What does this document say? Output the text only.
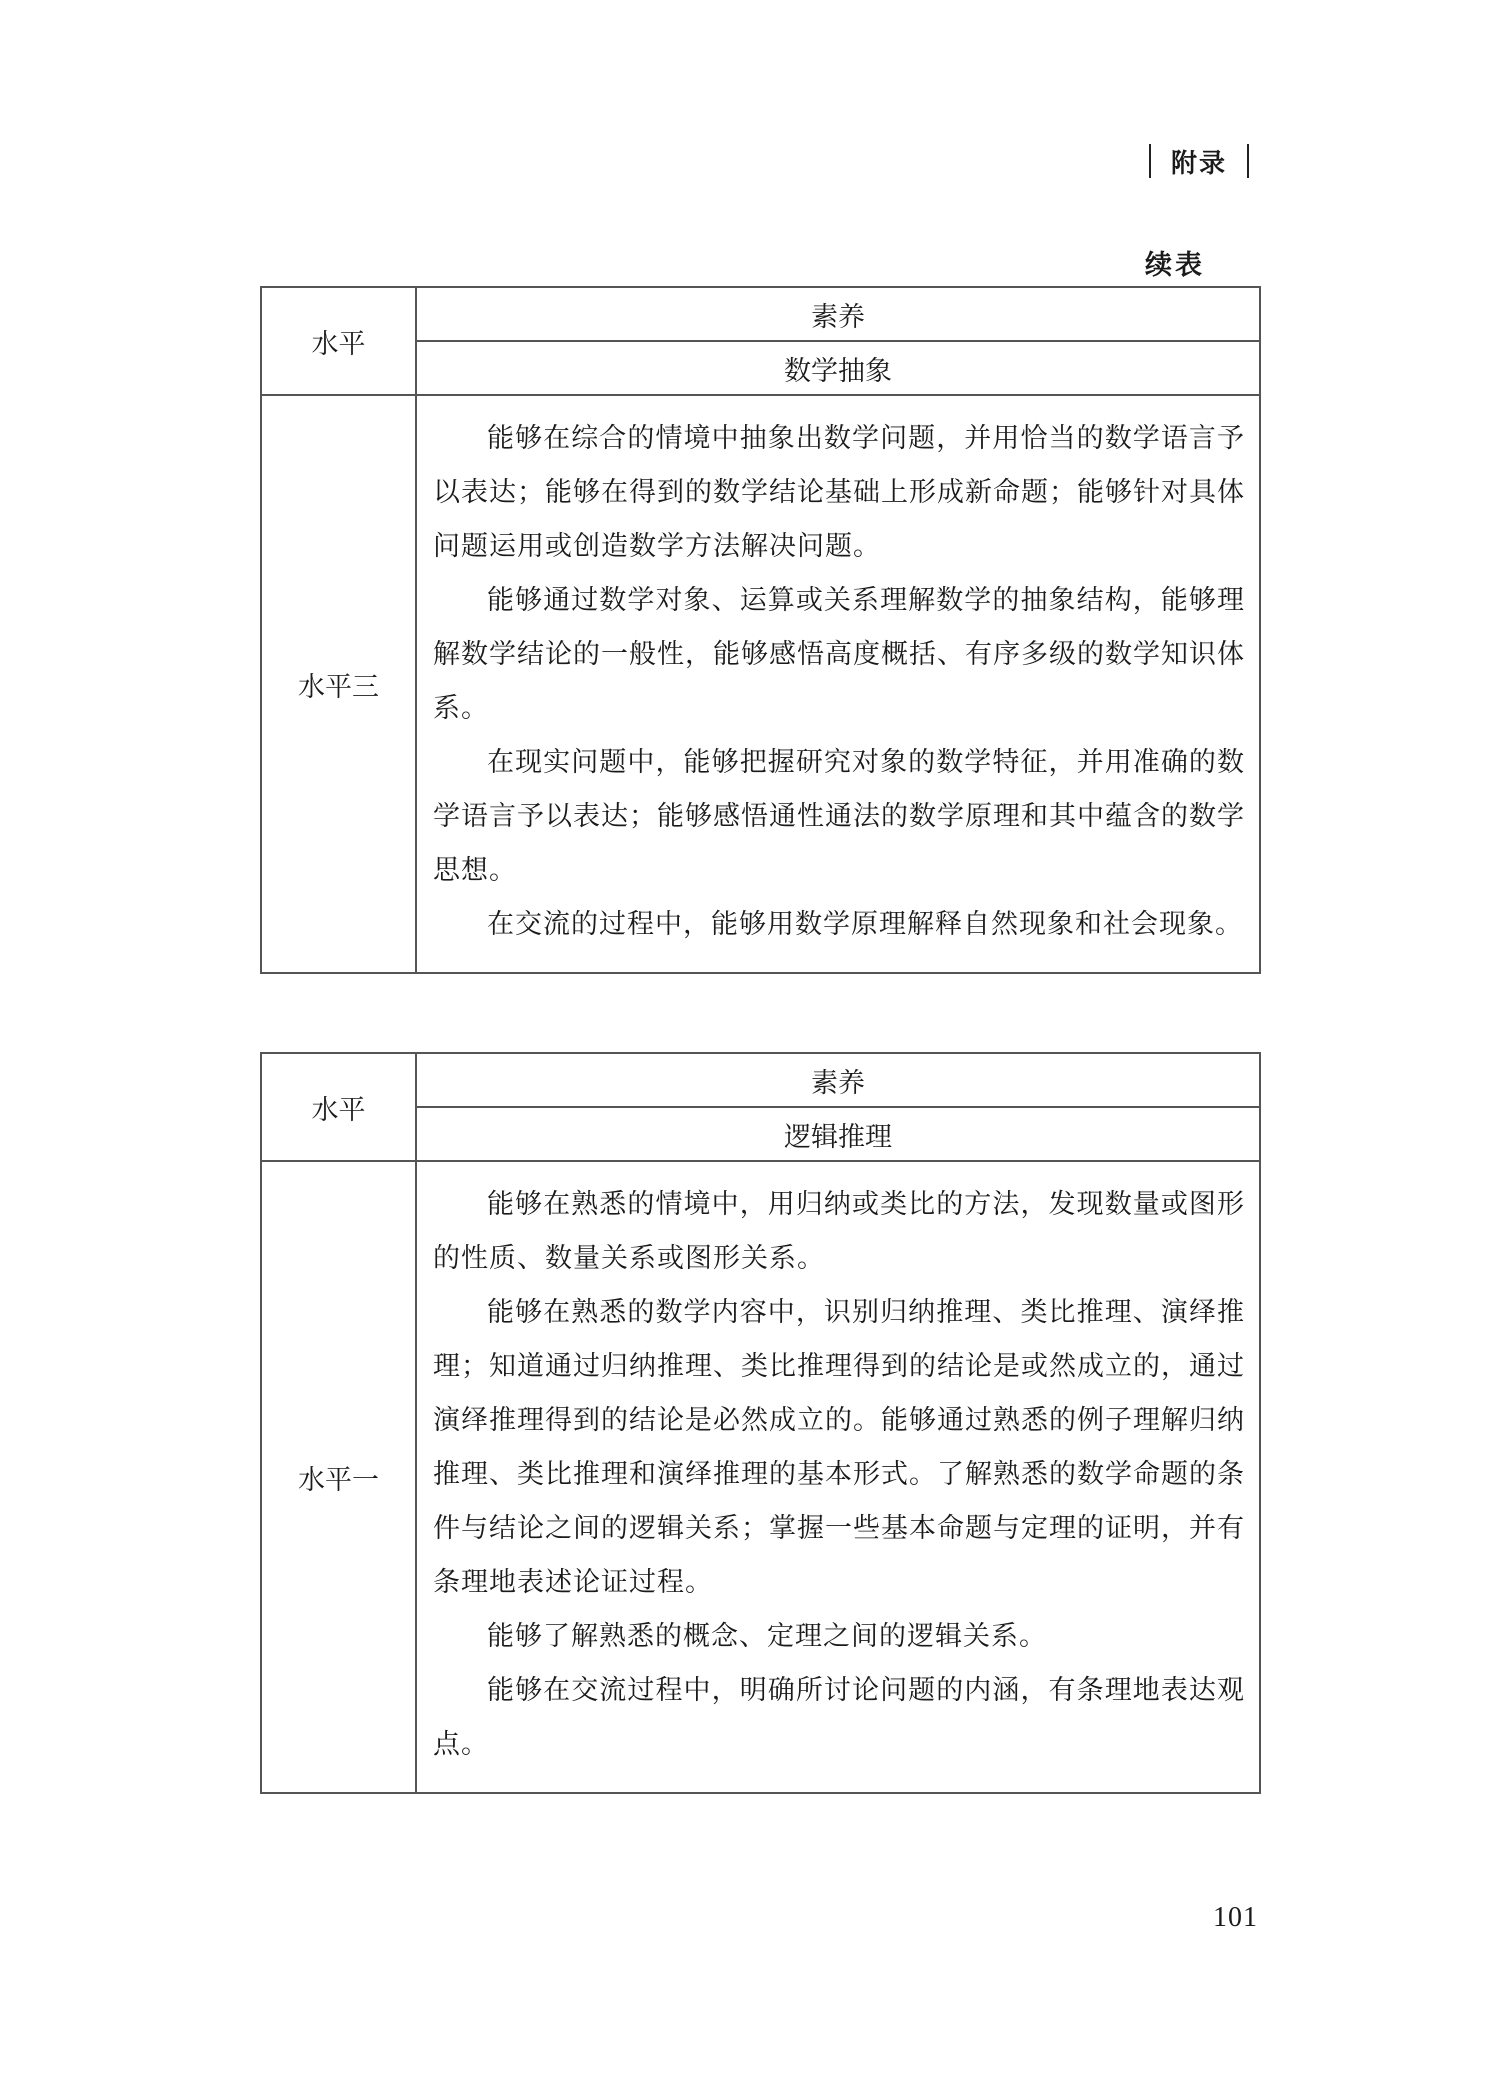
附录
续表
水平	素养
	数学抽象
水平三	能够在综合的情境中抽象出数学问题，并用恰当的数学语言予以表达；能够在得到的数学结论基础上形成新命题；能够针对具体问题运用或创造数学方法解决问题。

能够通过数学对象、运算或关系理解数学的抽象结构，能够理解数学结论的一般性，能够感悟高度概括、有序多级的数学知识体系。

在现实问题中，能够把握研究对象的数学特征，并用准确的数学语言予以表达；能够感悟通性通法的数学原理和其中蕴含的数学思想。

在交流的过程中，能够用数学原理解释自然现象和社会现象。

水平	素养
	逻辑推理
水平一	能够在熟悉的情境中，用归纳或类比的方法，发现数量或图形的性质、数量关系或图形关系。

能够在熟悉的数学内容中，识别归纳推理、类比推理、演绎推理；知道通过归纳推理、类比推理得到的结论是或然成立的，通过演绎推理得到的结论是必然成立的。能够通过熟悉的例子理解归纳推理、类比推理和演绎推理的基本形式。了解熟悉的数学命题的条件与结论之间的逻辑关系；掌握一些基本命题与定理的证明，并有条理地表述论证过程。

能够了解熟悉的概念、定理之间的逻辑关系。

能够在交流过程中，明确所讨论问题的内涵，有条理地表达观点。

101
